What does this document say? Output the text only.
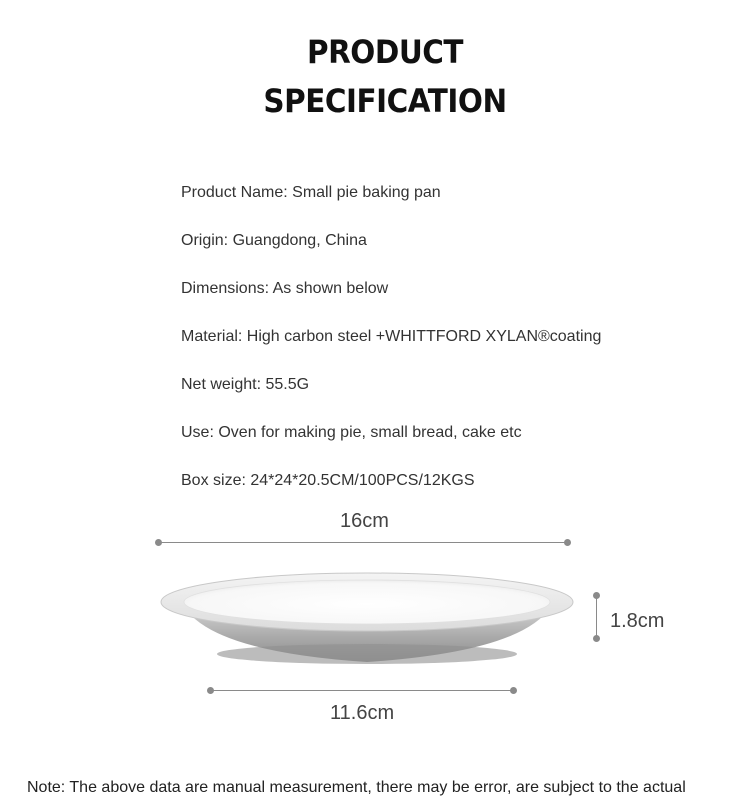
PRODUCT
SPECIFICATION
Product Name: Small pie baking pan
Origin: Guangdong, China
Dimensions: As shown below
Material: High carbon steel +WHITTFORD XYLAN®coating
Net weight: 55.5G
Use: Oven for making pie, small bread, cake etc
Box size: 24*24*20.5CM/100PCS/12KGS
16cm
1.8cm
11.6cm
Note: The above data are manual measurement, there may be error, are subject to the actual
